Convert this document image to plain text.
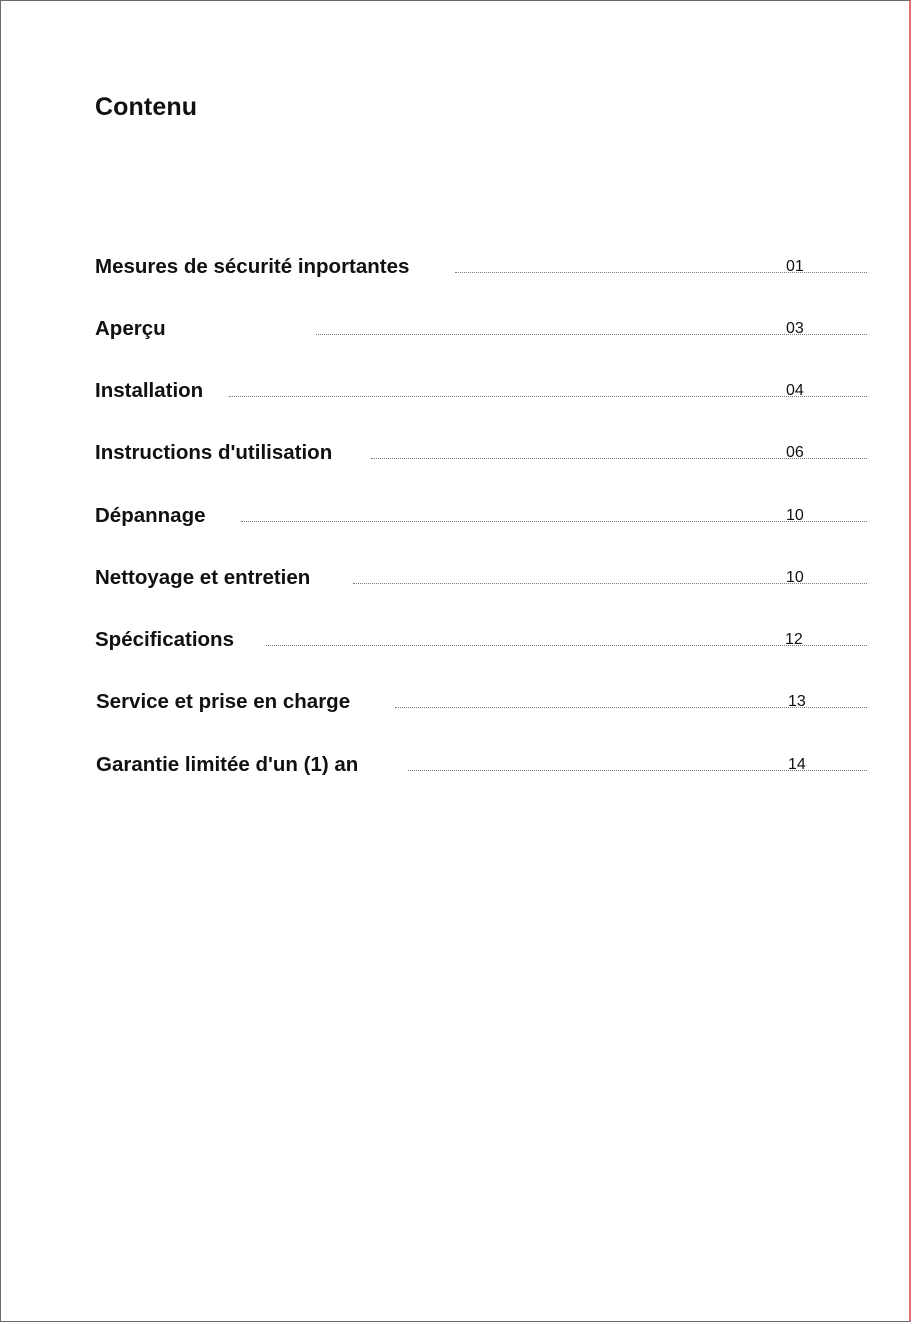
Contenu
Mesures de sécurité inportantes	01
Aperçu	03
Installation	04
Instructions d'utilisation	06
Dépannage	10
Nettoyage et entretien	10
Spécifications	12
Service et prise en charge	13
Garantie limitée d'un (1) an	14
